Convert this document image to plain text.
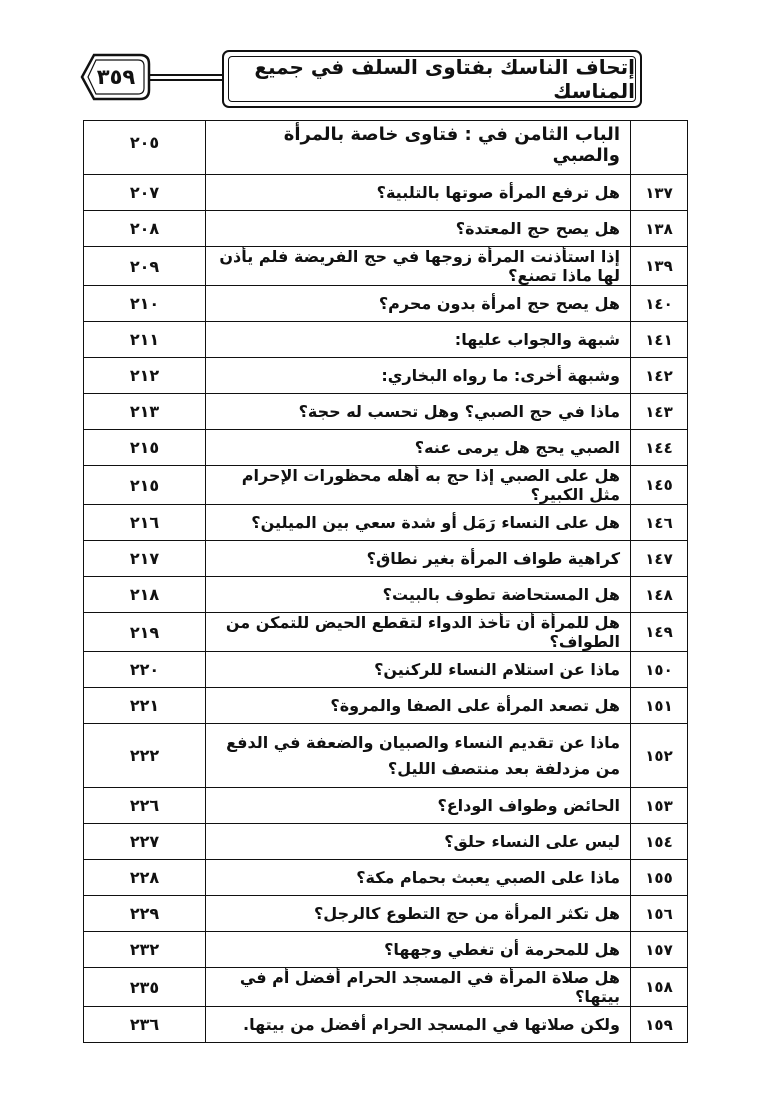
٣٥٩	إتحاف الناسك بفتاوى السلف في جميع المناسك
	الباب الثامن في : فتاوى خاصة بالمرأة والصبي	٢٠٥
١٣٧	هل ترفع المرأة صوتها بالتلبية؟	٢٠٧
١٣٨	هل يصح حج المعتدة؟	٢٠٨
١٣٩	إذا استأذنت المرأة زوجها في حج الفريضة فلم يأذن لها ماذا تصنع؟	٢٠٩
١٤٠	هل يصح حج امرأة بدون محرم؟	٢١٠
١٤١	شبهة والجواب عليها:	٢١١
١٤٢	وشبهة أخرى: ما رواه البخاري:	٢١٢
١٤٣	ماذا في حج الصبي؟ وهل تحسب له حجة؟	٢١٣
١٤٤	الصبي يحج هل يرمى عنه؟	٢١٥
١٤٥	هل على الصبي إذا حج به أهله محظورات الإحرام مثل الكبير؟	٢١٥
١٤٦	هل على النساء رَمَل أو شدة سعي بين الميلين؟	٢١٦
١٤٧	كراهية طواف المرأة بغير نطاق؟	٢١٧
١٤٨	هل المستحاضة تطوف بالبيت؟	٢١٨
١٤٩	هل للمرأة أن تأخذ الدواء لتقطع الحيض للتمكن من الطواف؟	٢١٩
١٥٠	ماذا عن استلام النساء للركنين؟	٢٢٠
١٥١	هل تصعد المرأة على الصفا والمروة؟	٢٢١
١٥٢	ماذا عن تقديم النساء والصبيان والضعفة في الدفع من مزدلفة بعد منتصف الليل؟	٢٢٢
١٥٣	الحائض وطواف الوداع؟	٢٢٦
١٥٤	ليس على النساء حلق؟	٢٢٧
١٥٥	ماذا على الصبي يعبث بحمام مكة؟	٢٢٨
١٥٦	هل تكثر المرأة من حج التطوع كالرجل؟	٢٢٩
١٥٧	هل للمحرمة أن تغطي وجهها؟	٢٣٢
١٥٨	هل صلاة المرأة في المسجد الحرام أفضل أم في بيتها؟	٢٣٥
١٥٩	ولكن صلاتها في المسجد الحرام أفضل من بيتها.	٢٣٦
